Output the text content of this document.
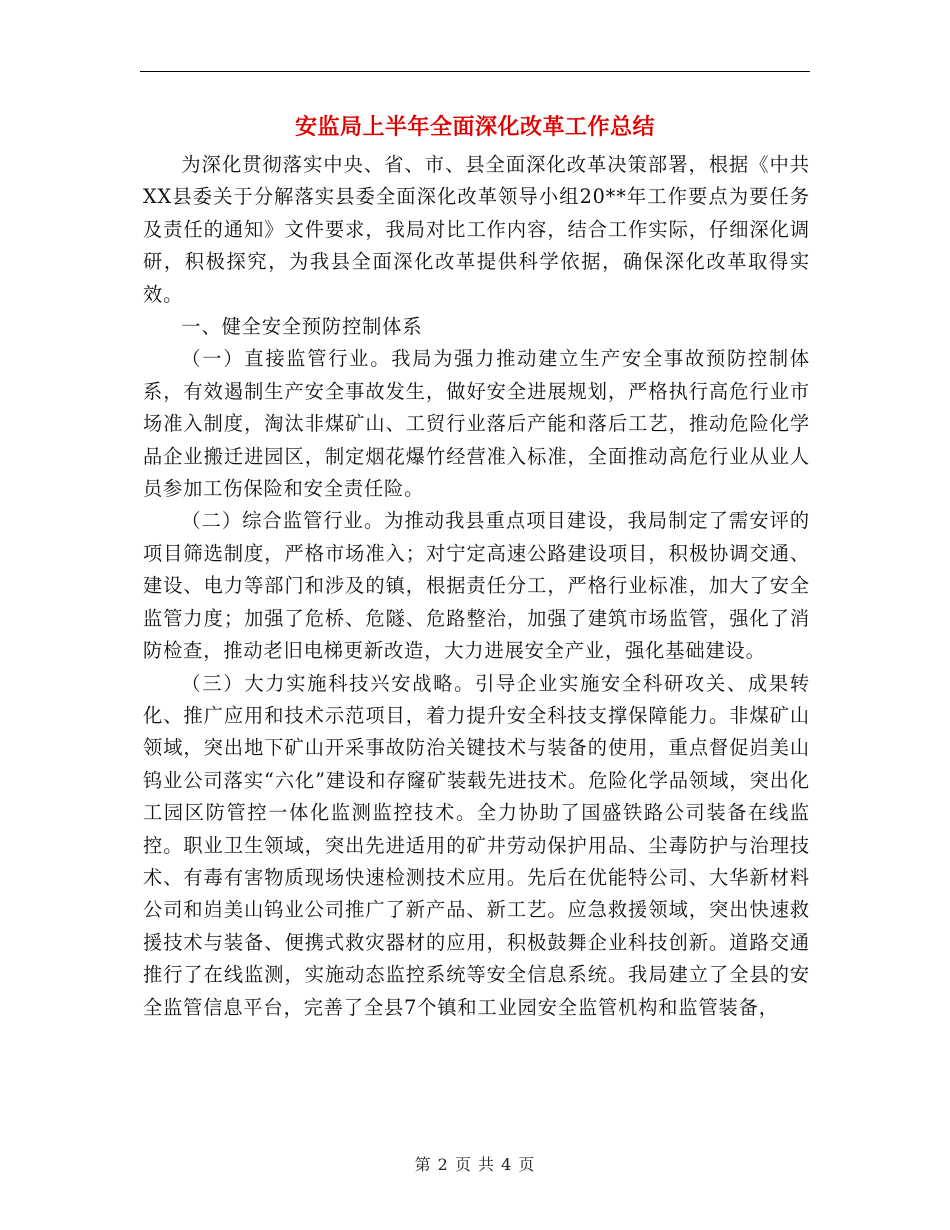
安监局上半年全面深化改革工作总结

为深化贯彻落实中央、省、市、县全面深化改革决策部署，根据《中共XX县委关于分解落实县委全面深化改革领导小组20**年工作要点为要任务及责任的通知》文件要求，我局对比工作内容，结合工作实际，仔细深化调研，积极探究，为我县全面深化改革提供科学依据，确保深化改革取得实效。

一、健全安全预防控制体系

（一）直接监管行业。我局为强力推动建立生产安全事故预防控制体系，有效遏制生产安全事故发生，做好安全进展规划，严格执行高危行业市场准入制度，淘汰非煤矿山、工贸行业落后产能和落后工艺，推动危险化学品企业搬迁进园区，制定烟花爆竹经营准入标准，全面推动高危行业从业人员参加工伤保险和安全责任险。

（二）综合监管行业。为推动我县重点项目建设，我局制定了需安评的项目筛选制度，严格市场准入；对宁定高速公路建设项目，积极协调交通、建设、电力等部门和涉及的镇，根据责任分工，严格行业标准，加大了安全监管力度；加强了危桥、危隧、危路整治，加强了建筑市场监管，强化了消防检查，推动老旧电梯更新改造，大力进展安全产业，强化基础建设。

（三）大力实施科技兴安战略。引导企业实施安全科研攻关、成果转化、推广应用和技术示范项目，着力提升安全科技支撑保障能力。非煤矿山领域，突出地下矿山开采事故防治关键技术与装备的使用，重点督促岿美山钨业公司落实“六化”建设和存窿矿装载先进技术。危险化学品领域，突出化工园区防管控一体化监测监控技术。全力协助了国盛铁路公司装备在线监控。职业卫生领域，突出先进适用的矿井劳动保护用品、尘毒防护与治理技术、有毒有害物质现场快速检测技术应用。先后在优能特公司、大华新材料公司和岿美山钨业公司推广了新产品、新工艺。应急救援领域，突出快速救援技术与装备、便携式救灾器材的应用，积极鼓舞企业科技创新。道路交通推行了在线监测，实施动态监控系统等安全信息系统。我局建立了全县的安全监管信息平台，完善了全县7个镇和工业园安全监管机构和监管装备，

第 2 页 共 4 页
